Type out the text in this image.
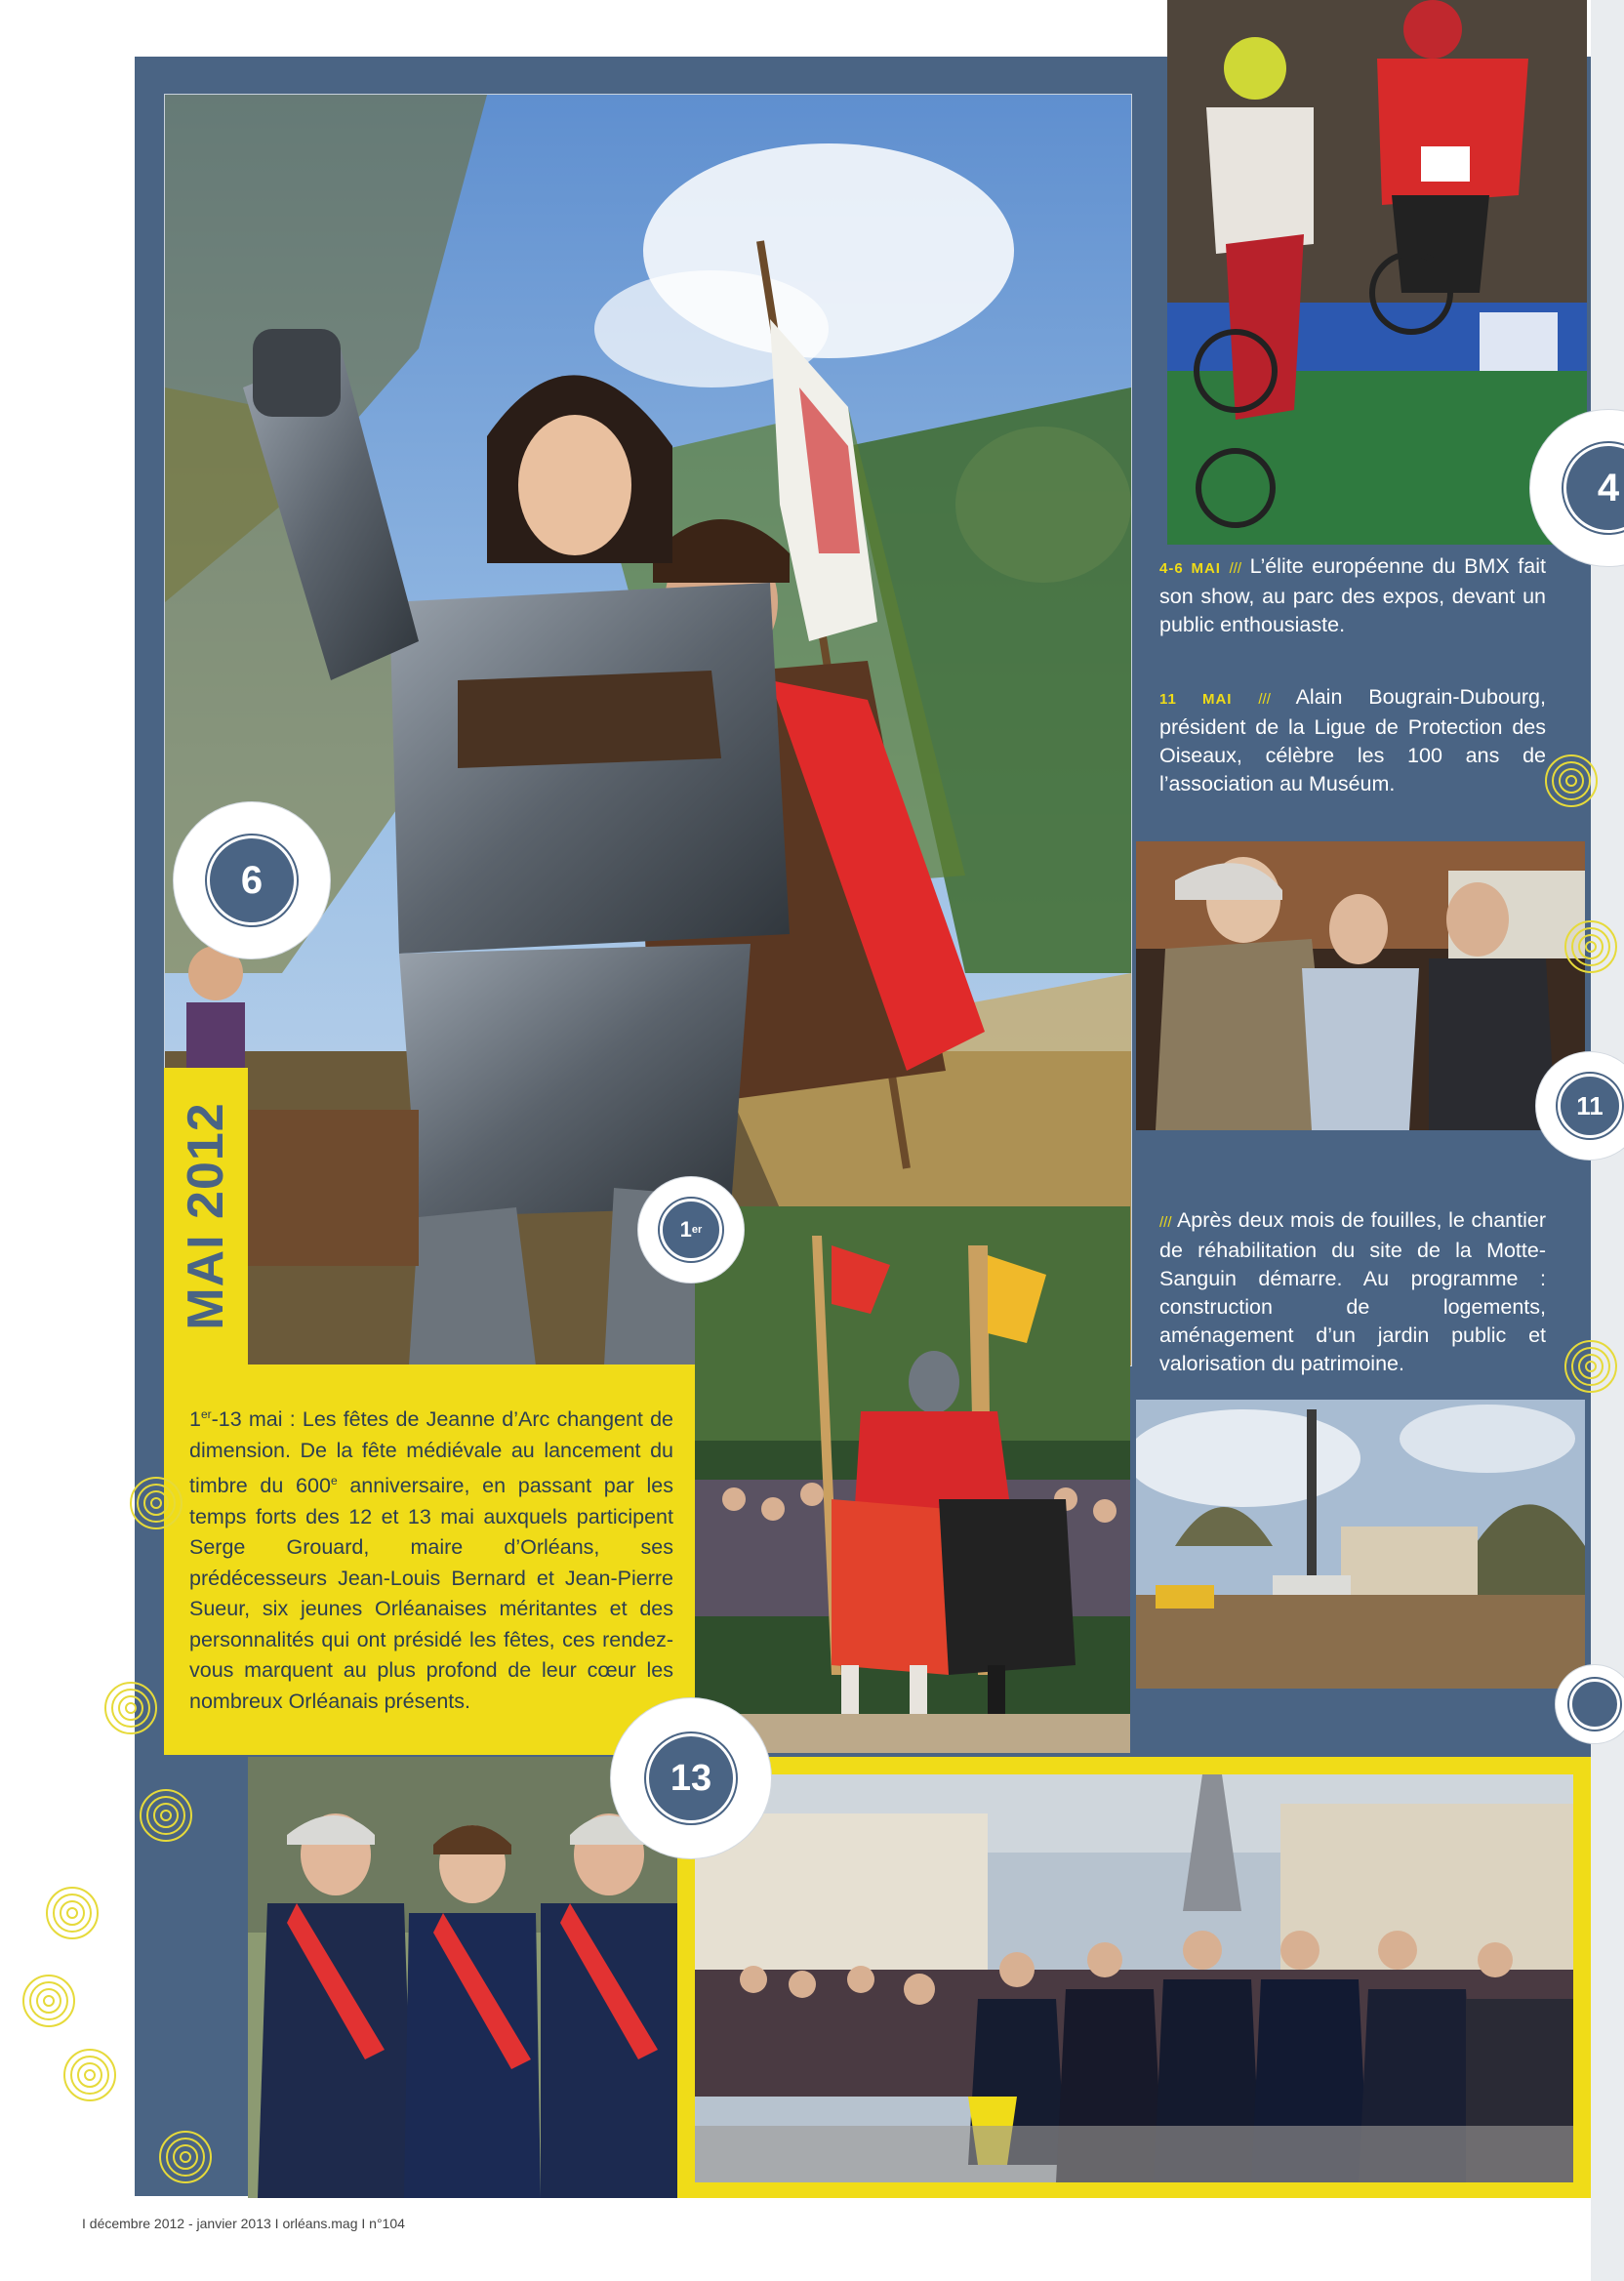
MAI 2012

1er-13 mai : Les fêtes de Jeanne d’Arc changent de dimension. De la fête médiévale au lancement du timbre du 600e anniversaire, en passant par les temps forts des 12 et 13 mai auxquels participent Serge Grouard, maire d’Orléans, ses prédécesseurs Jean-Louis Bernard et Jean-Pierre Sueur, six jeunes Orléanaises méritantes et des personnalités qui ont présidé les fêtes, ces rendez-vous marquent au plus profond de leur cœur les nombreux Orléanais présents.

4-6 MAI /// L’élite européenne du BMX fait son show, au parc des expos, devant un public enthousiaste.

11 MAI /// Alain Bougrain-Dubourg, président de la Ligue de Protection des Oiseaux, célèbre les 100 ans de l’association au Muséum.

/// Après deux mois de fouilles, le chantier de réhabilitation du site de la Motte-Sanguin démarre. Au programme : construction de logements, aménagement d’un jardin public et valorisation du patrimoine.

6
1 er
4
11
13
I décembre 2012 - janvier 2013 I orléans.mag I n°104
